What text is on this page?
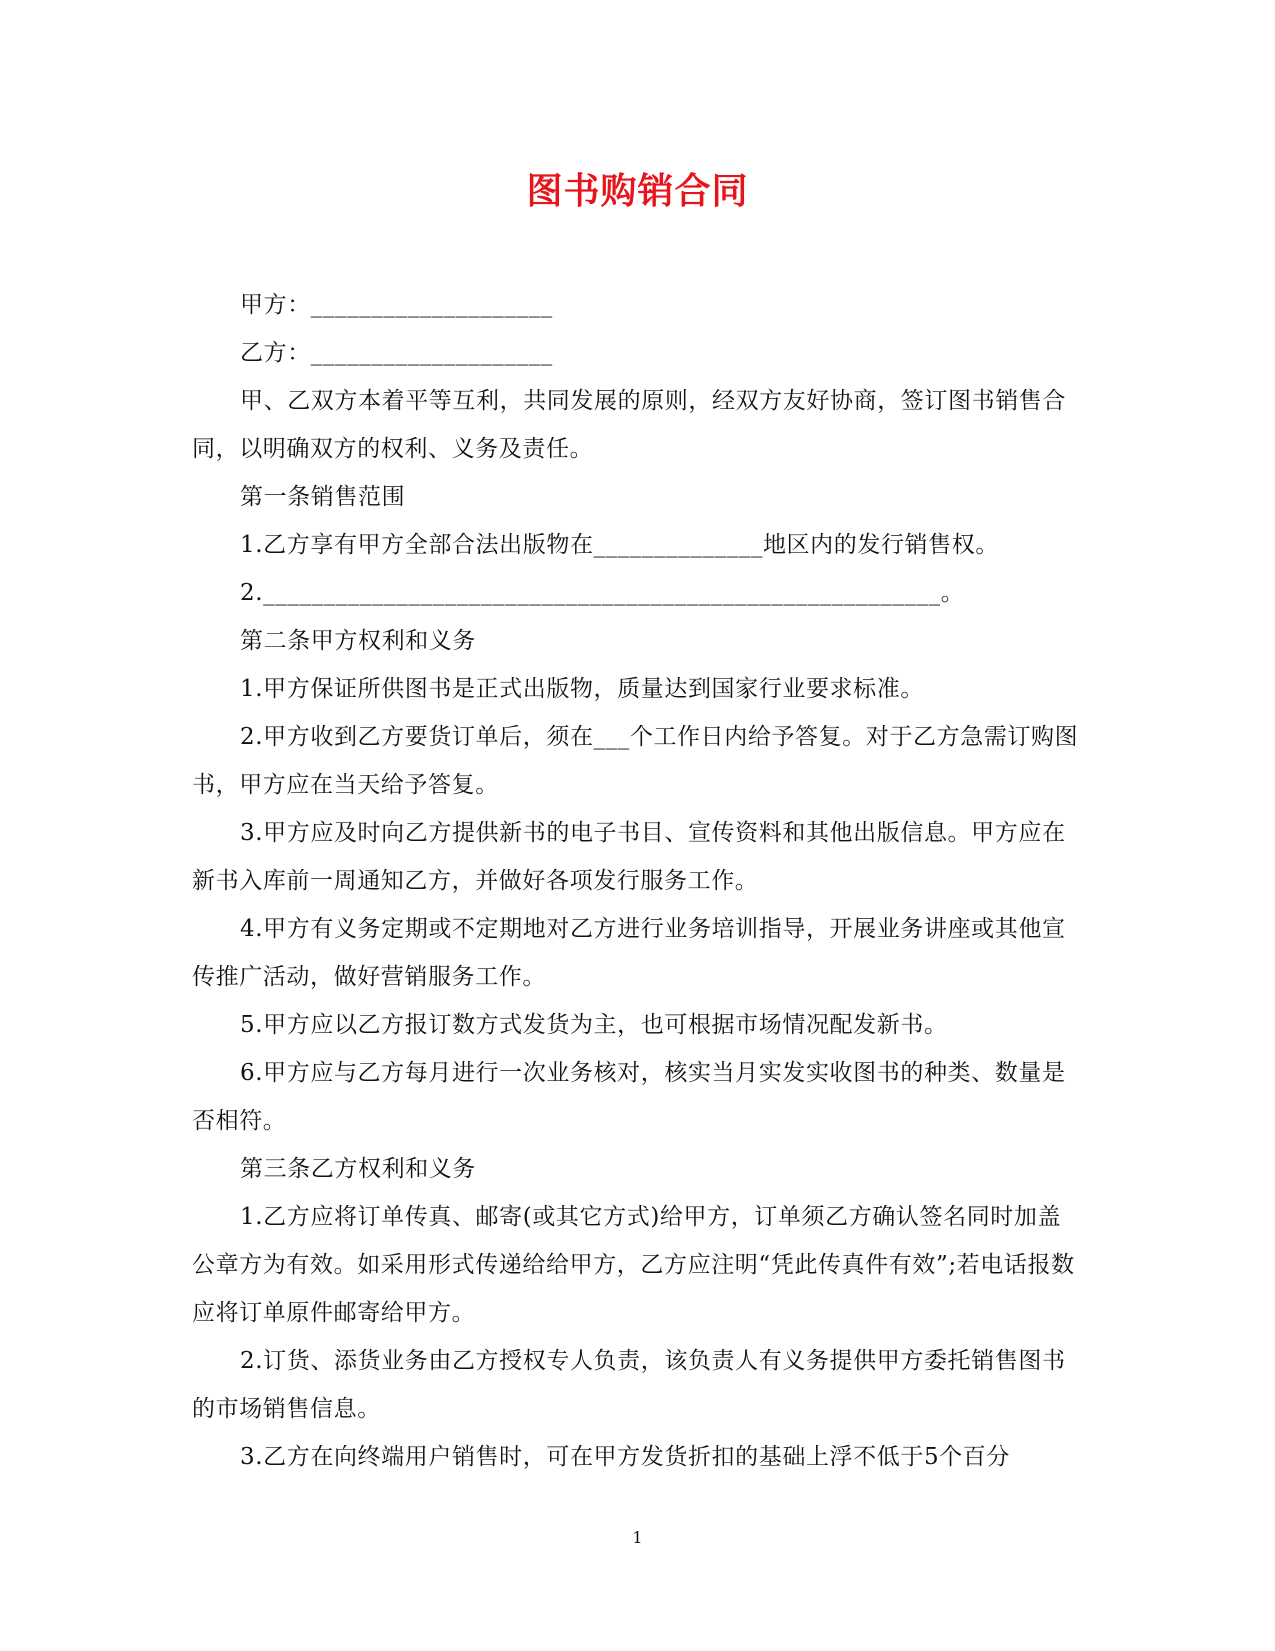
图书购销合同

甲方：____________________

乙方：____________________

甲、乙双方本着平等互利，共同发展的原则，经双方友好协商，签订图书销售合同，以明确双方的权利、义务及责任。

第一条销售范围

1.乙方享有甲方全部合法出版物在______________地区内的发行销售权。

2.________________________________________________________。

第二条甲方权利和义务

1.甲方保证所供图书是正式出版物，质量达到国家行业要求标准。

2.甲方收到乙方要货订单后，须在___个工作日内给予答复。对于乙方急需订购图书，甲方应在当天给予答复。

3.甲方应及时向乙方提供新书的电子书目、宣传资料和其他出版信息。甲方应在新书入库前一周通知乙方，并做好各项发行服务工作。

4.甲方有义务定期或不定期地对乙方进行业务培训指导，开展业务讲座或其他宣传推广活动，做好营销服务工作。

5.甲方应以乙方报订数方式发货为主，也可根据市场情况配发新书。

6.甲方应与乙方每月进行一次业务核对，核实当月实发实收图书的种类、数量是否相符。

第三条乙方权利和义务

1.乙方应将订单传真、邮寄(或其它方式)给甲方，订单须乙方确认签名同时加盖公章方为有效。如采用形式传递给给甲方，乙方应注明“凭此传真件有效”;若电话报数应将订单原件邮寄给甲方。

2.订货、添货业务由乙方授权专人负责，该负责人有义务提供甲方委托销售图书的市场销售信息。

3.乙方在向终端用户销售时，可在甲方发货折扣的基础上浮不低于5个百分

1
